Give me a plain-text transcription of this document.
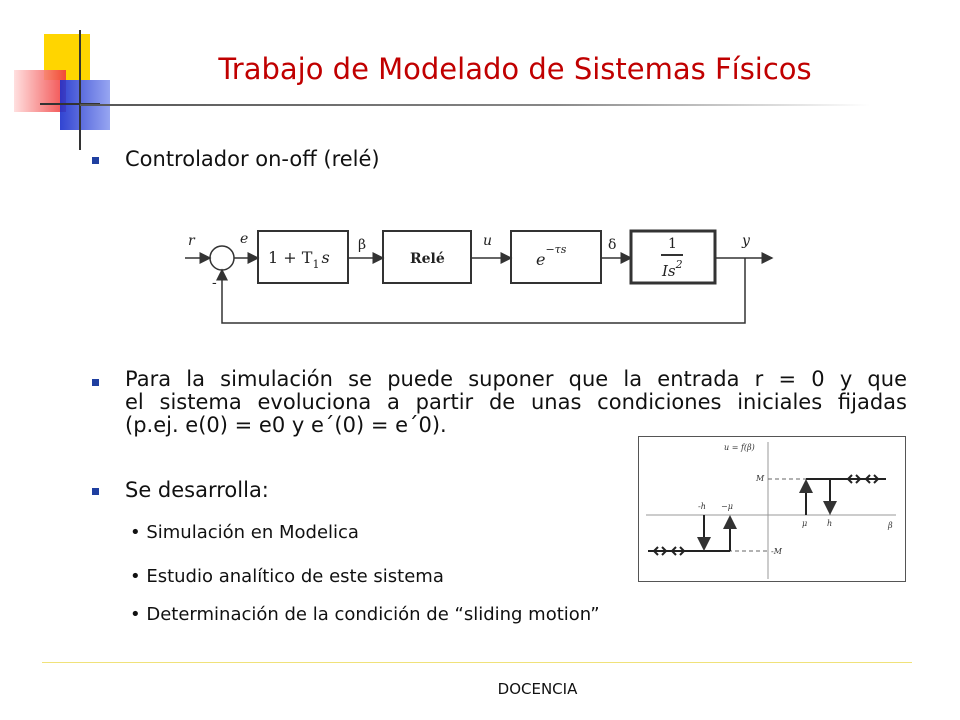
Trabajo de Modelado de Sistemas Físicos
Controlador on-off (relé)
r	e
-
$1 + T_1$ s
β
Relé
u
$e^{-\tau s}$	δ	1
Is$^2$
y
Para la simulación se puede suponer que la entrada r = 0 y que
el sistema evoluciona a partir de unas condiciones iniciales fijadas
(p.ej. e(0) = e0 y e´(0) = e´0).
Se desarrolla:
• Simulación en Modelica
• Estudio analítico de este sistema
• Determinación de la condición de “sliding motion”
u = f(β)
β
M
-M
-h −μ
μ h
DOCENCIA
